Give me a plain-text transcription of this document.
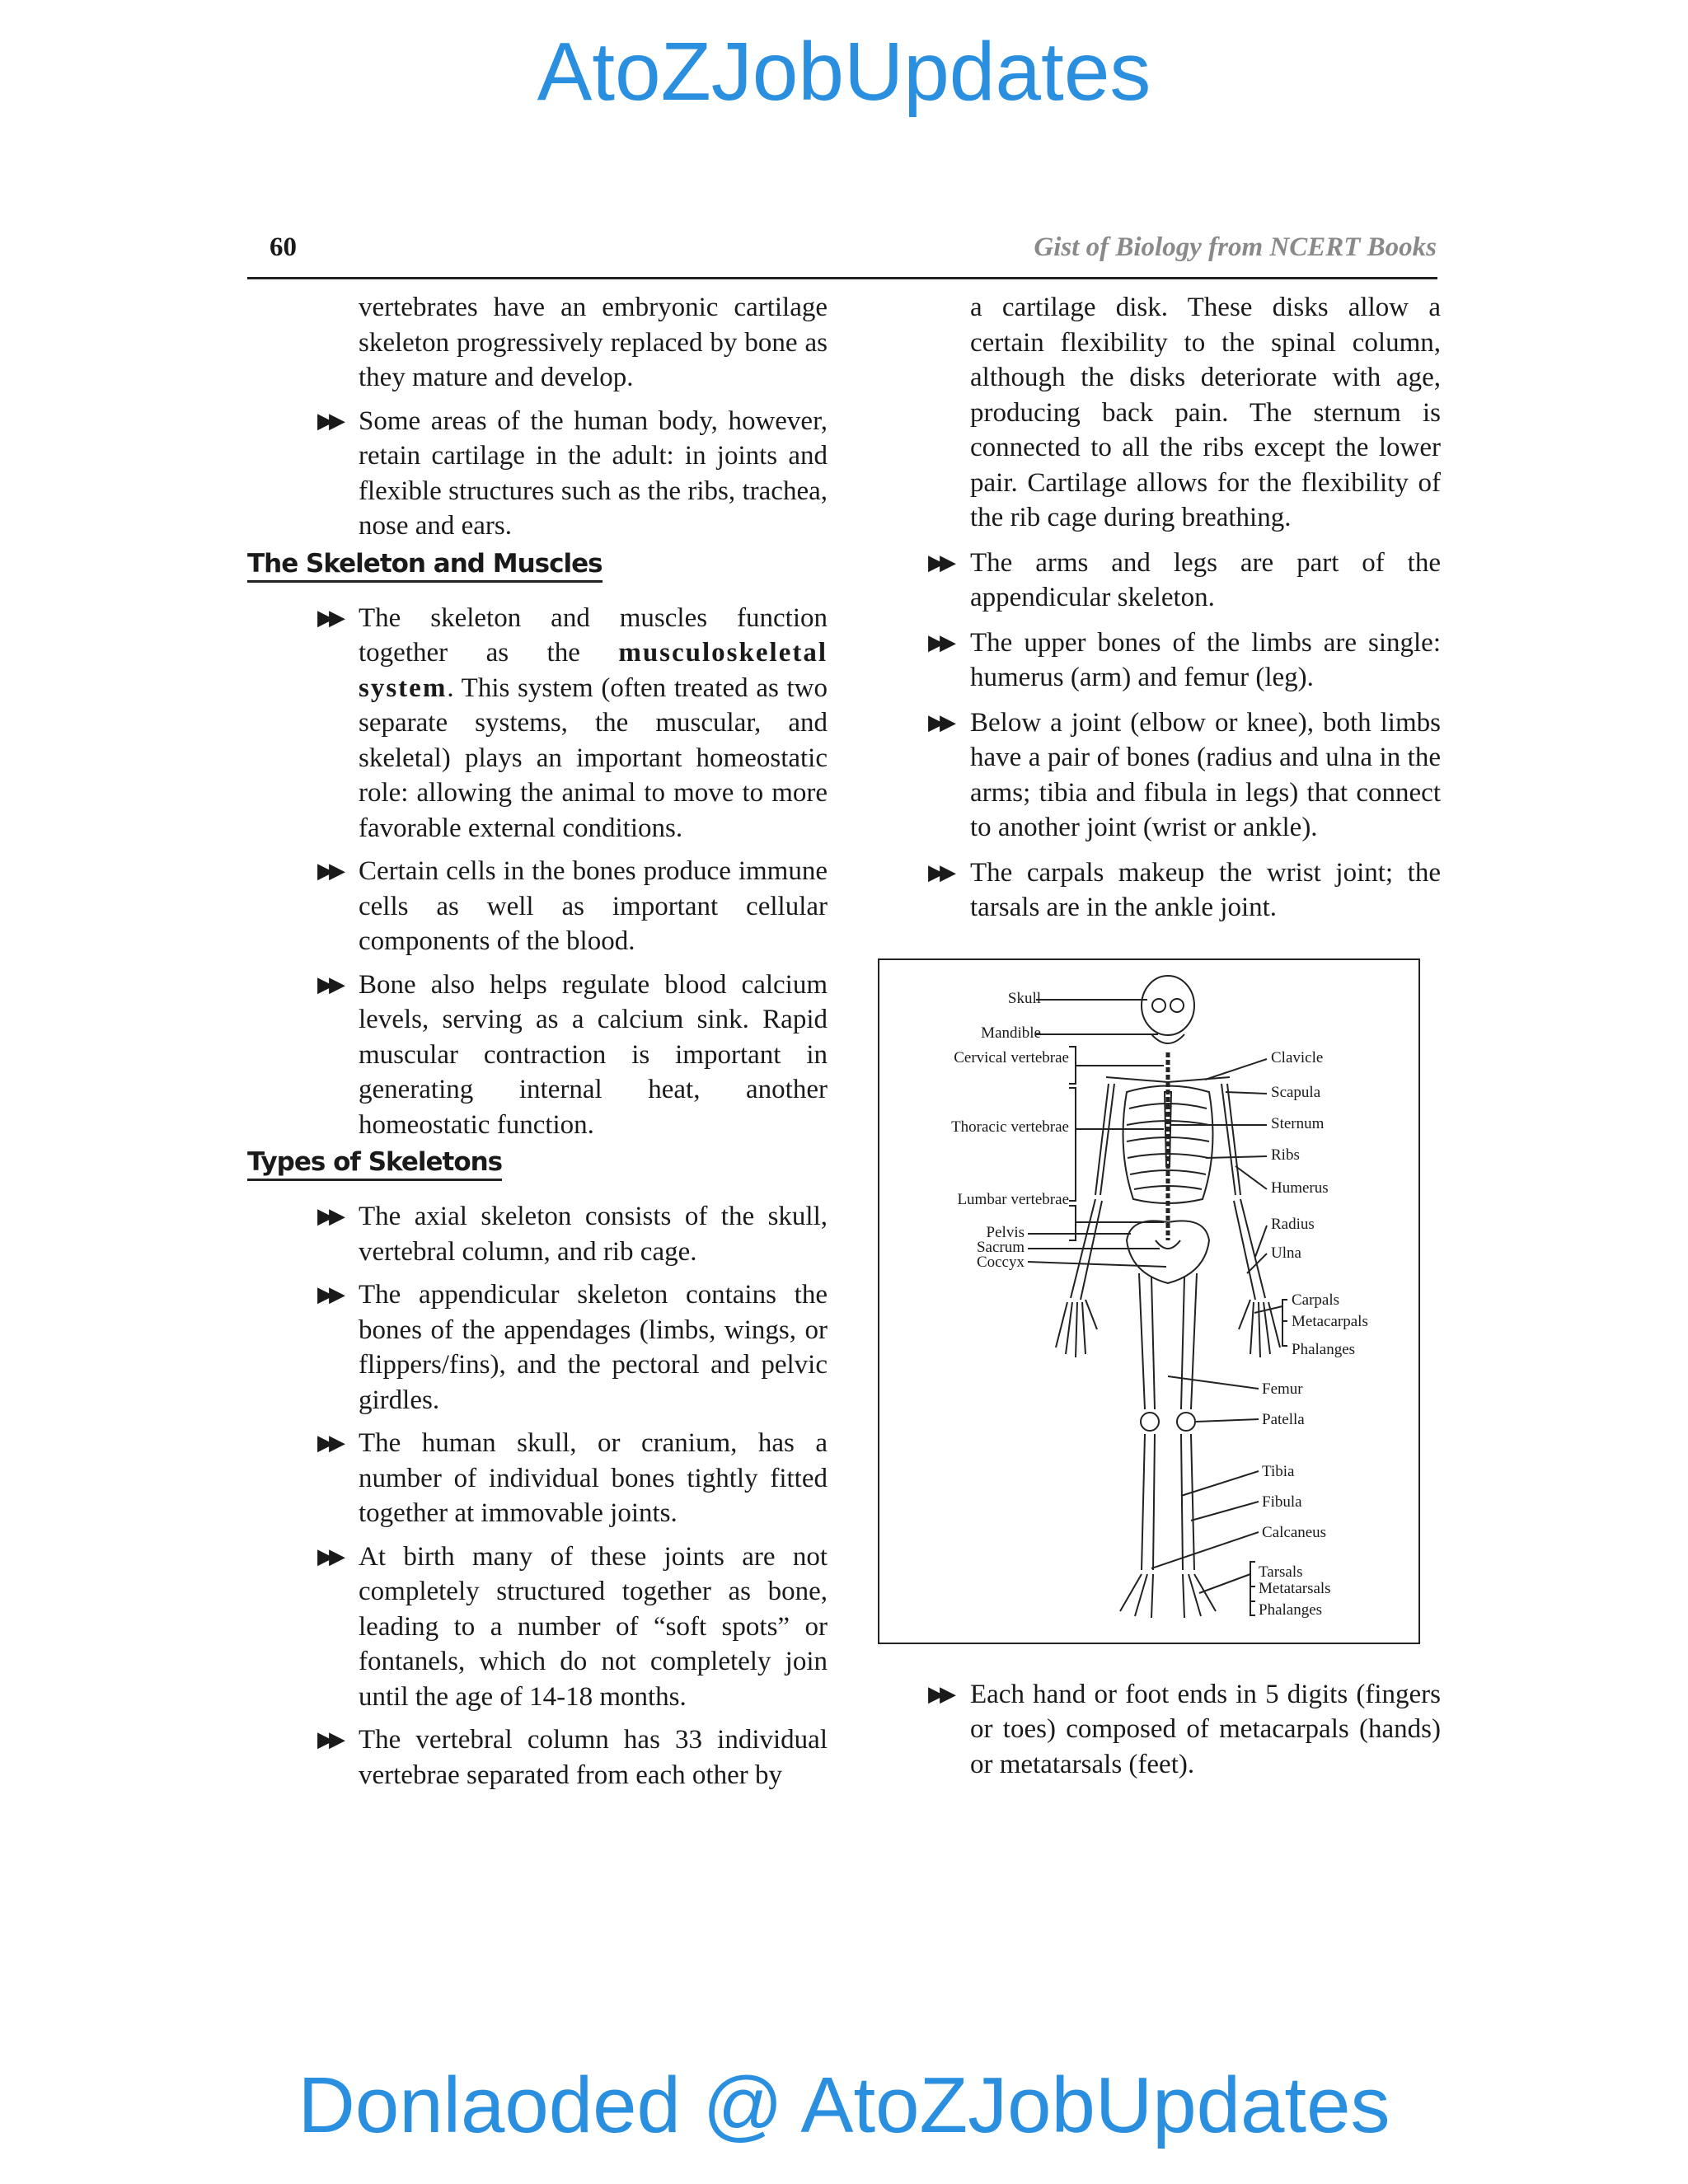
AtoZJobUpdates
60	Gist of Biology from NCERT Books

vertebrates have an embryonic cartilage skeleton progressively replaced by bone as they mature and develop.

▶▶ Some areas of the human body, however, retain cartilage in the adult: in joints and flexible structures such as the ribs, trachea, nose and ears.

The Skeleton and Muscles
▶▶ The skeleton and muscles function together as the musculoskeletal system. This system (often treated as two separate systems, the muscular, and skeletal) plays an important homeostatic role: allowing the animal to move to more favorable external conditions.

▶▶ Certain cells in the bones produce immune cells as well as important cellular components of the blood.

▶▶ Bone also helps regulate blood calcium levels, serving as a calcium sink. Rapid muscular contraction is important in generating internal heat, another homeostatic function.

Types of Skeletons
▶▶ The axial skeleton consists of the skull, vertebral column, and rib cage.

▶▶ The appendicular skeleton contains the bones of the appendages (limbs, wings, or flippers/fins), and the pectoral and pelvic girdles.

▶▶ The human skull, or cranium, has a number of individual bones tightly fitted together at immovable joints.

▶▶ At birth many of these joints are not completely structured together as bone, leading to a number of “soft spots” or fontanels, which do not completely join until the age of 14-18 months.

▶▶ The vertebral column has 33 individual vertebrae separated from each other by

a cartilage disk. These disks allow a certain flexibility to the spinal column, although the disks deteriorate with age, producing back pain. The sternum is connected to all the ribs except the lower pair. Cartilage allows for the flexibility of the rib cage during breathing.

▶▶ The arms and legs are part of the appendicular skeleton.

▶▶ The upper bones of the limbs are single: humerus (arm) and femur (leg).

▶▶ Below a joint (elbow or knee), both limbs have a pair of bones (radius and ulna in the arms; tibia and fibula in legs) that connect to another joint (wrist or ankle).

▶▶ The carpals makeup the wrist joint; the tarsals are in the ankle joint.

Skull
Mandible
Cervical vertebrae
Thoracic vertebrae
Lumbar vertebrae
Pelvis
Sacrum
Coccyx
Clavicle
Scapula
Sternum
Ribs
Humerus
Radius
Ulna
Carpals
Metacarpals
Phalanges
Femur
Patella
Tibia
Fibula
Calcaneus
Tarsals
Metatarsals
Phalanges
▶▶ Each hand or foot ends in 5 digits (fingers or toes) composed of metacarpals (hands) or metatarsals (feet).

Donlaoded @ AtoZJobUpdates
